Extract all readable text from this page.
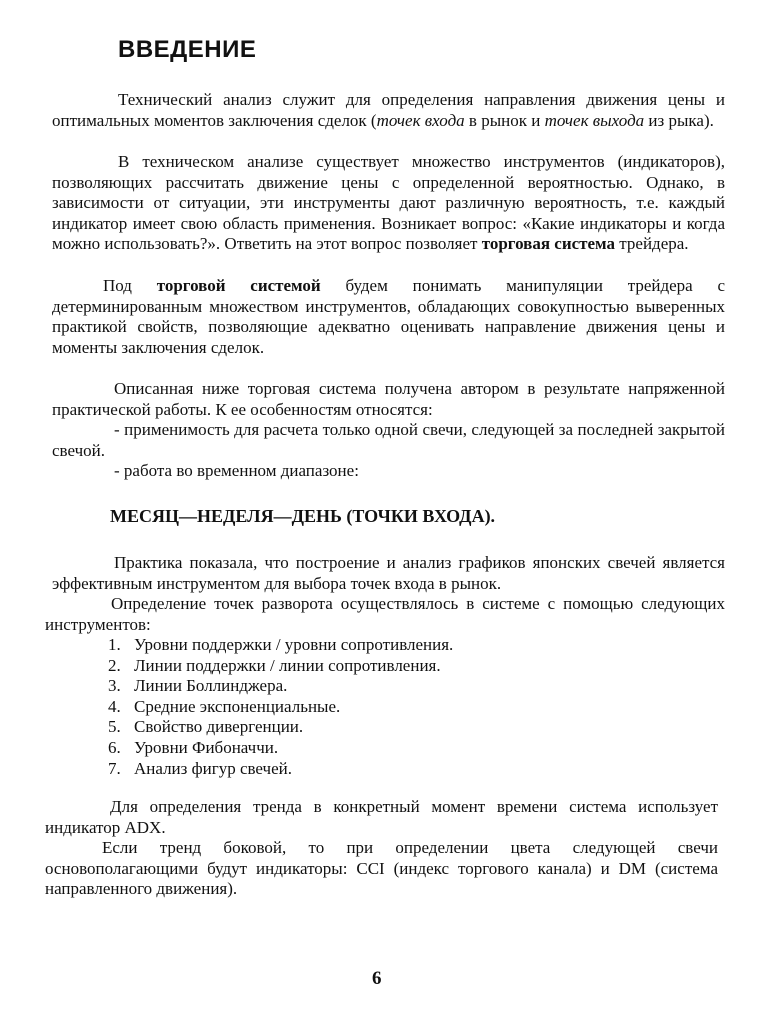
ВВЕДЕНИЕ

Технический анализ служит для определения направления движения цены и оптимальных моментов заключения сделок (точек входа в рынок и точек выхода из рыка).

В техническом анализе существует множество инструментов (индикаторов), позволяющих рассчитать движение цены с определенной вероятностью. Однако, в зависимости от ситуации, эти инструменты дают различную вероятность, т.е. каждый индикатор имеет свою область применения. Возникает вопрос: «Какие индикаторы и когда можно использовать?». Ответить на этот вопрос позволяет торговая система трейдера.

Под торговой системой будем понимать манипуляции трейдера с детерминированным множеством инструментов, обладающих совокупностью выверенных практикой свойств, позволяющие адекватно оценивать направление движения цены и моменты заключения сделок.

Описанная ниже торговая система получена автором в результате напряженной практической работы. К ее особенностям относятся:

- применимость для расчета только одной свечи, следующей за последней закрытой свечой.

- работа во временном диапазоне:

МЕСЯЦ—НЕДЕЛЯ—ДЕНЬ (ТОЧКИ ВХОДА).

Практика показала, что построение и анализ графиков японских свечей является эффективным инструментом для выбора точек входа в рынок.

Определение точек разворота осуществлялось в системе с помощью следующих инструментов:

1. Уровни поддержки / уровни сопротивления.
2. Линии поддержки / линии сопротивления.
3. Линии Боллинджера.
4. Средние экспоненциальные.
5. Свойство дивергенции.
6. Уровни Фибоначчи.
7. Анализ фигур свечей.

Для определения тренда в конкретный момент времени система использует индикатор ADX.

Если тренд боковой, то при определении цвета следующей свечи основополагающими будут индикаторы: CCI (индекс торгового канала) и DM (система направленного движения).

6
